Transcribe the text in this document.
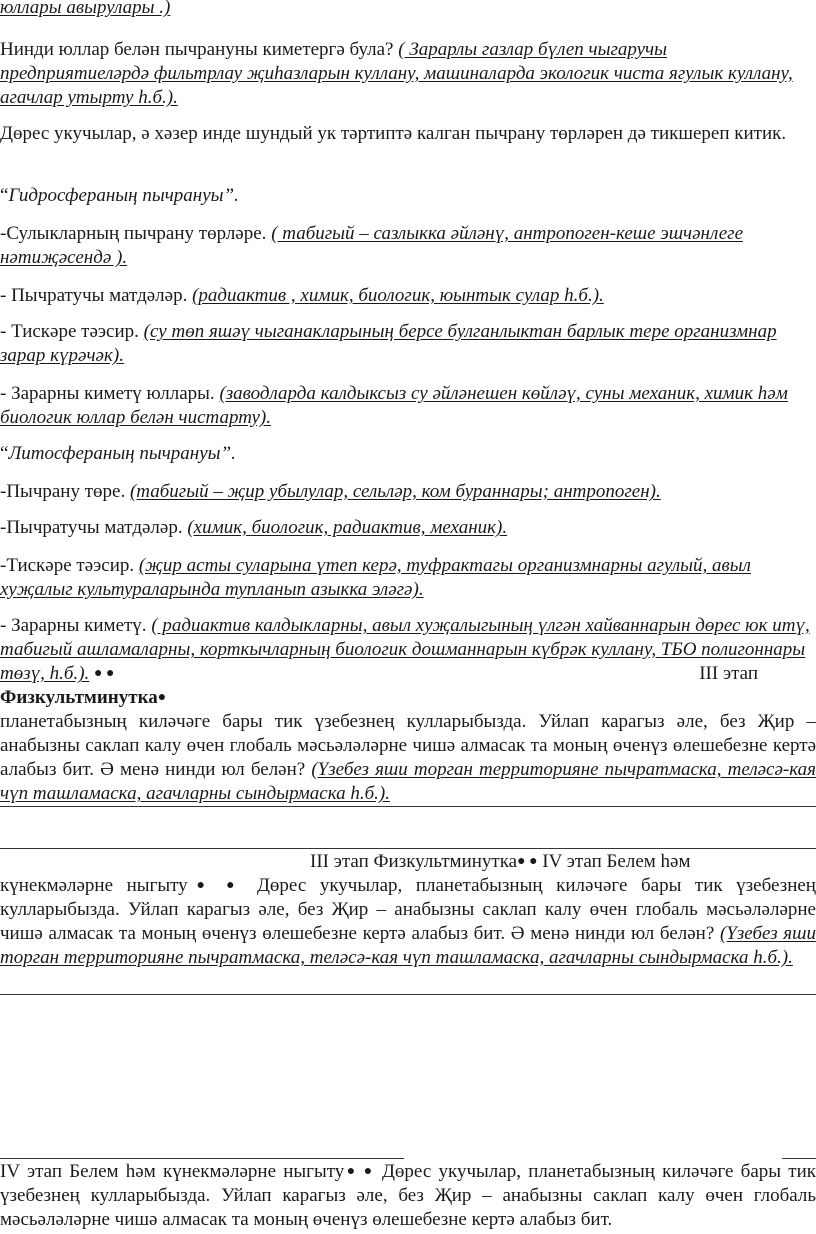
юллары авырулары .)

Нинди юллар белән пычрануны киметергә була? ( Зарарлы газлар бүлеп чыгаручы предприятиеләрдә фильтрлау җиһазларын куллану, машиналарда экологик чиста ягулык куллану, агачлар утырту һ.б.).

Дөрес укучылар, ә хәзер инде шундый ук тәртиптә калган пычрану төрләрен дә тикшереп китик.

“Гидросфераның пычрануы”.

-Сулыкларның пычрану төрләре. ( табигый – сазлыкка әйләнү, антропоген-кеше эшчәнлеге нәтиҗәсендә ).

- Пычратучы матдәләр. (радиактив , химик, биологик, юынтык сулар һ.б.).

- Тискәре тәэсир. (су төп яшәү чыганакларының берсе булганлыктан барлык тере организмнар зарар күрәчәк).

- Зарарны киметү юллары. (заводларда калдыксыз су әйләнешен көйләү, суны механик, химик һәм биологик юллар белән чистарту).

“Литосфераның пычрануы”.

-Пычрану төре. (табигый – җир убылулар, сельләр, ком бураннары; антропоген).

-Пычратучы матдәләр. (химик, биологик, радиактив, механик).

-Тискәре тәэсир. (җир асты суларына үтеп керә, туфрактагы организмнарны агулый, авыл хуҗалыг культураларында тупланып азыкка эләгә).

- Зарарны киметү. ( радиактив калдыкларны, авыл хуҗалыгының үлгән хайваннарын дөрес юк итү, табигый ашламаларны, корткычларның биологик дошманнарын күбрәк куллану, ТБО полигоннары төзү, һ.б.). ● ●	III этап

Физкультминутка●

планетабызның киләчәге бары тик үзебезнең кулларыбызда. Уйлап карагыз әле, без Җир – анабызны саклап калу өчен глобаль мәсьәләләрне чишә алмасак та моның өченүз өлешебезне кертә алабыз бит. Ә менә нинди юл белән? (Үзебез яши торган территорияне пычратмаска, теләсә-кая чүп ташламаска, агачларны сындырмаска һ.б.).

III этап Физкультминутка● ● IV этап Белем һәм

күнекмәләрне ныгыту● ● Дөрес укучылар, планетабызның киләчәге бары тик үзебезнең кулларыбызда. Уйлап карагыз әле, без Җир – анабызны саклап калу өчен глобаль мәсьәләләрне чишә алмасак та моның өченүз өлешебезне кертә алабыз бит. Ә менә нинди юл белән? (Үзебез яши торган территорияне пычратмаска, теләсә-кая чүп ташламаска, агачларны сындырмаска һ.б.).

IV этап Белем һәм күнекмәләрне ныгыту● ● Дөрес укучылар, планетабызның киләчәге бары тик үзебезнең кулларыбызда. Уйлап карагыз әле, без Җир – анабызны саклап калу өчен глобаль мәсьәләләрне чишә алмасак та моның өченүз өлешебезне кертә алабыз бит.
